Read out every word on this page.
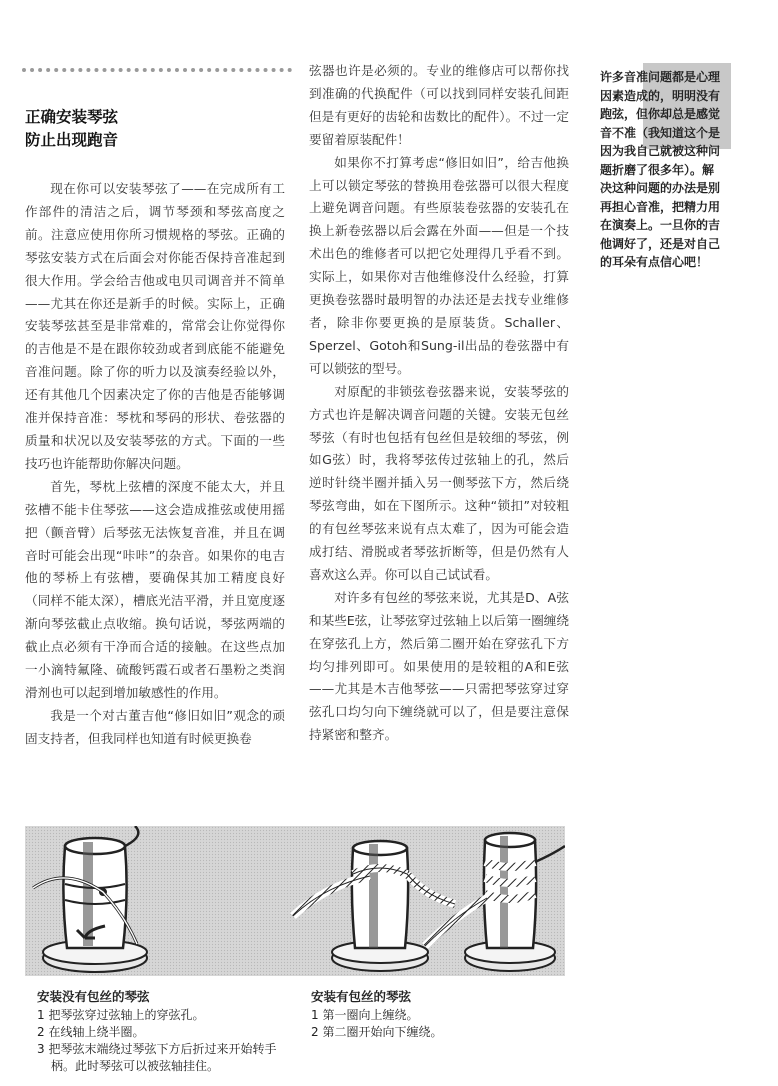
正确安装琴弦
防止出现跑音

现在你可以安装琴弦了——在完成所有工作部件的清洁之后，调节琴颈和琴弦高度之前。注意应使用你所习惯规格的琴弦。正确的琴弦安装方式在后面会对你能否保持音准起到很大作用。学会给吉他或电贝司调音并不简单——尤其在你还是新手的时候。实际上，正确安装琴弦甚至是非常难的，常常会让你觉得你的吉他是不是在跟你较劲或者到底能不能避免音准问题。除了你的听力以及演奏经验以外，还有其他几个因素决定了你的吉他是否能够调准并保持音准：琴枕和琴码的形状、卷弦器的质量和状况以及安装琴弦的方式。下面的一些技巧也许能帮助你解决问题。

首先，琴枕上弦槽的深度不能太大，并且弦槽不能卡住琴弦——这会造成推弦或使用摇把（颤音臂）后琴弦无法恢复音准，并且在调音时可能会出现“咔咔”的杂音。如果你的电吉他的琴桥上有弦槽，要确保其加工精度良好（同样不能太深），槽底光洁平滑，并且宽度逐渐向琴弦截止点收缩。换句话说，琴弦两端的截止点必须有干净而合适的接触。在这些点加一小滴特氟隆、硫酸钙霞石或者石墨粉之类润滑剂也可以起到增加敏感性的作用。

我是一个对古董吉他“修旧如旧”观念的顽固支持者，但我同样也知道有时候更换卷

弦器也许是必须的。专业的维修店可以帮你找到准确的代换配件（可以找到同样安装孔间距但是有更好的齿轮和齿数比的配件）。不过一定要留着原装配件！

如果你不打算考虑“修旧如旧”，给吉他换上可以锁定琴弦的替换用卷弦器可以很大程度上避免调音问题。有些原装卷弦器的安装孔在换上新卷弦器以后会露在外面——但是一个技术出色的维修者可以把它处理得几乎看不到。实际上，如果你对吉他维修没什么经验，打算更换卷弦器时最明智的办法还是去找专业维修者，除非你要更换的是原装货。Schaller、Sperzel、Gotoh和Sung-il出品的卷弦器中有可以锁弦的型号。

对原配的非锁弦卷弦器来说，安装琴弦的方式也许是解决调音问题的关键。安装无包丝琴弦（有时也包括有包丝但是较细的琴弦，例如G弦）时，我将琴弦传过弦轴上的孔，然后逆时针绕半圈并插入另一侧琴弦下方，然后绕琴弦弯曲，如在下图所示。这种“锁扣”对较粗的有包丝琴弦来说有点太难了，因为可能会造成打结、滑脱或者琴弦折断等，但是仍然有人喜欢这么弄。你可以自己试试看。

对许多有包丝的琴弦来说，尤其是D、A弦和某些E弦，让琴弦穿过弦轴上以后第一圈缠绕在穿弦孔上方，然后第二圈开始在穿弦孔下方均匀排列即可。如果使用的是较粗的A和E弦——尤其是木吉他琴弦——只需把琴弦穿过穿弦孔口均匀向下缠绕就可以了，但是要注意保持紧密和整齐。

许多音准问题都是心理因素造成的，明明没有跑弦，但你却总是感觉音不准（我知道这个是因为我自己就被这种问题折磨了很多年）。解决这种问题的办法是别再担心音准，把精力用在演奏上。一旦你的吉他调好了，还是对自己的耳朵有点信心吧！
安装没有包丝的琴弦
1 把琴弦穿过弦轴上的穿弦孔。
2 在线轴上绕半圈。
3 把琴弦末端绕过琴弦下方后折过来开始转手柄。此时琴弦可以被弦轴挂住。
安装有包丝的琴弦
1 第一圈向上缠绕。
2 第二圈开始向下缠绕。
